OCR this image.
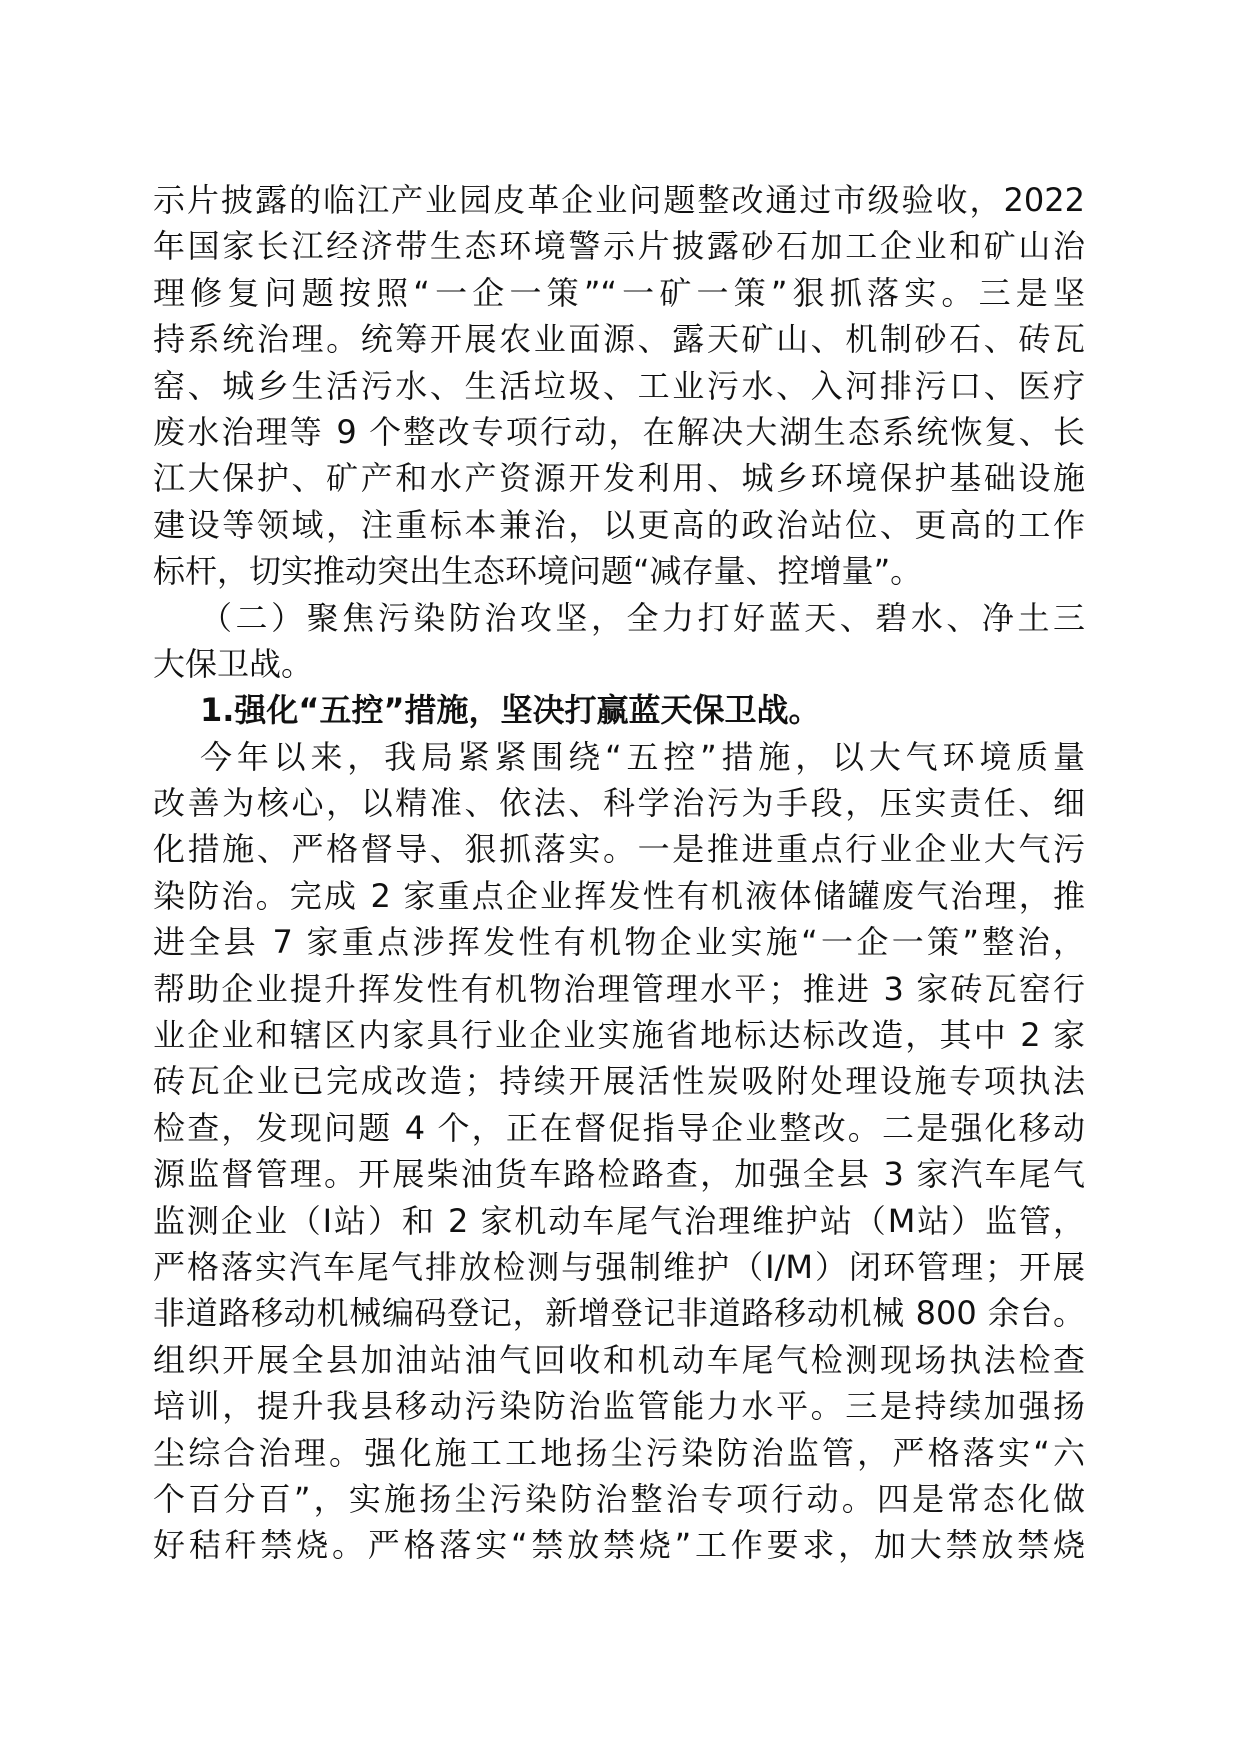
示片披露的临江产业园皮革企业问题整改通过市级验收，2022
年国家长江经济带生态环境警示片披露砂石加工企业和矿山治
理修复问题按照“一企一策”“一矿一策”狠抓落实。三是坚
持系统治理。统筹开展农业面源、露天矿山、机制砂石、砖瓦
窑、城乡生活污水、生活垃圾、工业污水、入河排污口、医疗
废水治理等 9 个整改专项行动，在解决大湖生态系统恢复、长
江大保护、矿产和水产资源开发利用、城乡环境保护基础设施
建设等领域，注重标本兼治，以更高的政治站位、更高的工作
标杆，切实推动突出生态环境问题“减存量、控增量”。
（二）聚焦污染防治攻坚，全力打好蓝天、碧水、净土三
大保卫战。
1.强化“五控”措施，坚决打赢蓝天保卫战。
今年以来，我局紧紧围绕“五控”措施，以大气环境质量
改善为核心，以精准、依法、科学治污为手段，压实责任、细
化措施、严格督导、狠抓落实。一是推进重点行业企业大气污
染防治。完成 2 家重点企业挥发性有机液体储罐废气治理，推
进全县 7 家重点涉挥发性有机物企业实施“一企一策”整治，
帮助企业提升挥发性有机物治理管理水平；推进 3 家砖瓦窑行
业企业和辖区内家具行业企业实施省地标达标改造，其中 2 家
砖瓦企业已完成改造；持续开展活性炭吸附处理设施专项执法
检查，发现问题 4 个，正在督促指导企业整改。二是强化移动
源监督管理。开展柴油货车路检路查，加强全县 3 家汽车尾气
监测企业（I站）和 2 家机动车尾气治理维护站（M站）监管，
严格落实汽车尾气排放检测与强制维护（I/M）闭环管理；开展
非道路移动机械编码登记，新增登记非道路移动机械 800 余台。
组织开展全县加油站油气回收和机动车尾气检测现场执法检查
培训，提升我县移动污染防治监管能力水平。三是持续加强扬
尘综合治理。强化施工工地扬尘污染防治监管，严格落实“六
个百分百”，实施扬尘污染防治整治专项行动。四是常态化做
好秸秆禁烧。严格落实“禁放禁烧”工作要求，加大禁放禁烧
